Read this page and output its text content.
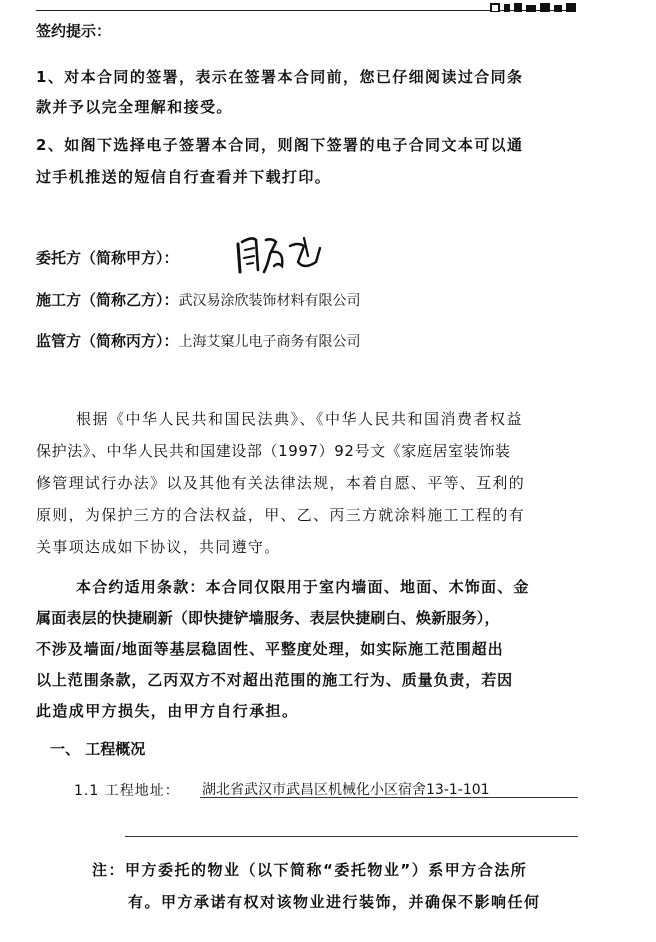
签约提示：
1、对本合同的签署，表示在签署本合同前，您已仔细阅读过合同条
款并予以完全理解和接受。
2、如阁下选择电子签署本合同，则阁下签署的电子合同文本可以通
过手机推送的短信自行查看并下载打印。
委托方（简称甲方）：
施工方（简称乙方）：武汉易涂欣装饰材料有限公司
监管方（简称丙方）：上海艾窠儿电子商务有限公司
根据《中华人民共和国民法典》、《中华人民共和国消费者权益
保护法》、中华人民共和国建设部（1997）92号文《家庭居室装饰装
修管理试行办法》以及其他有关法律法规，本着自愿、平等、互利的
原则，为保护三方的合法权益，甲、乙、丙三方就涂料施工工程的有
关事项达成如下协议，共同遵守。
本合约适用条款：本合同仅限用于室内墙面、地面、木饰面、金
属面表层的快捷刷新（即快捷铲墙服务、表层快捷刷白、焕新服务），
不涉及墙面/地面等基层稳固性、平整度处理，如实际施工范围超出
以上范围条款，乙丙双方不对超出范围的施工行为、质量负责，若因
此造成甲方损失，由甲方自行承担。
一、 工程概况
1.1 工程地址： 湖北省武汉市武昌区机械化小区宿舍13-1-101
注：甲方委托的物业（以下简称“委托物业”）系甲方合法所
有。甲方承诺有权对该物业进行装饰，并确保不影响任何
